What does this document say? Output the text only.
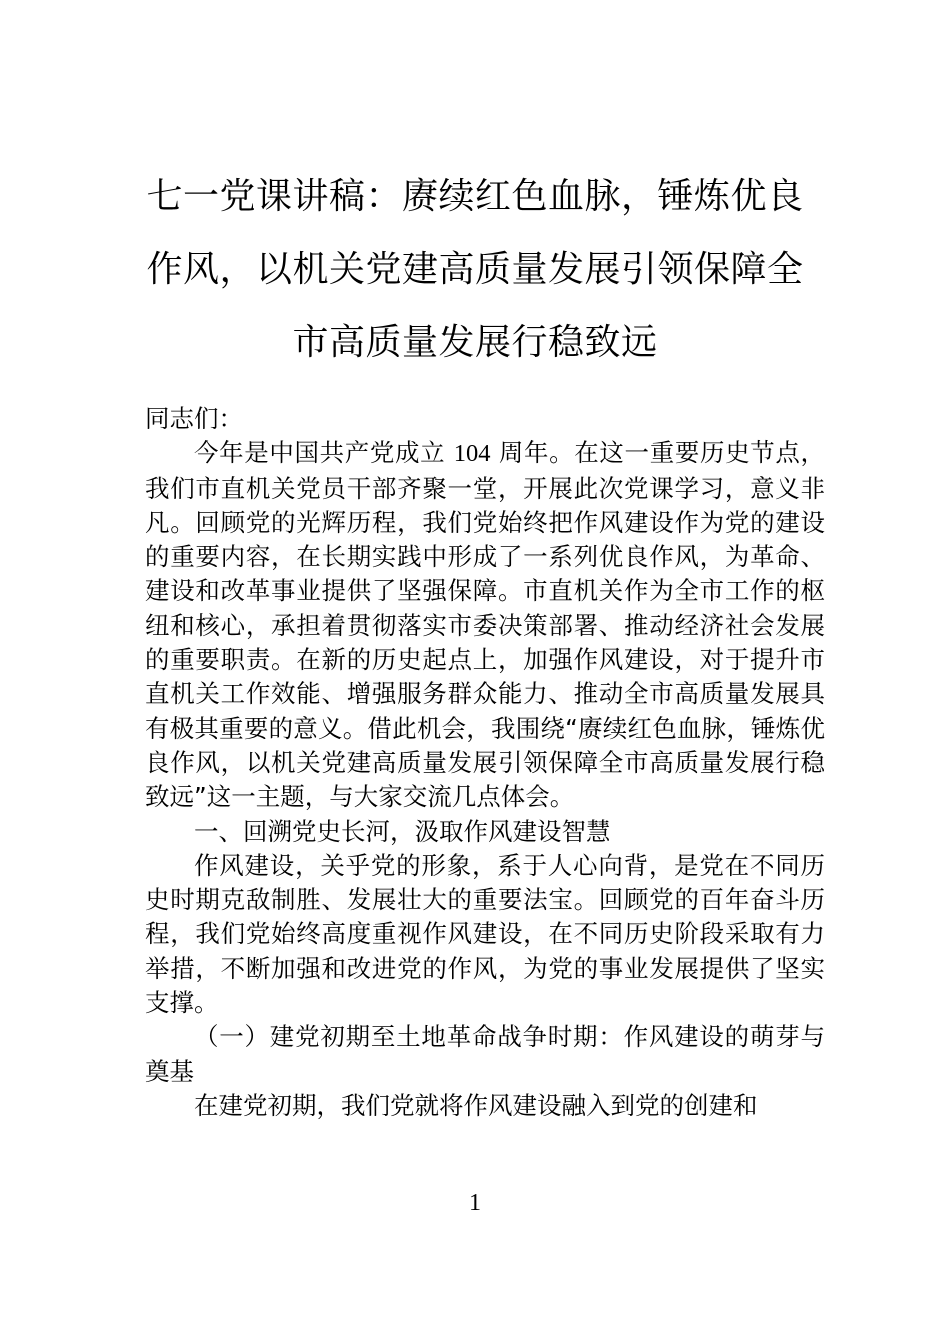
七一党课讲稿：赓续红色血脉，锤炼优良
作风，以机关党建高质量发展引领保障全
市高质量发展行稳致远

同志们：

今年是中国共产党成立 104 周年。在这一重要历史节点，我们市直机关党员干部齐聚一堂，开展此次党课学习，意义非凡。回顾党的光辉历程，我们党始终把作风建设作为党的建设的重要内容，在长期实践中形成了一系列优良作风，为革命、建设和改革事业提供了坚强保障。市直机关作为全市工作的枢纽和核心，承担着贯彻落实市委决策部署、推动经济社会发展的重要职责。在新的历史起点上，加强作风建设，对于提升市直机关工作效能、增强服务群众能力、推动全市高质量发展具有极其重要的意义。借此机会，我围绕“赓续红色血脉，锤炼优良作风，以机关党建高质量发展引领保障全市高质量发展行稳致远”这一主题，与大家交流几点体会。

一、回溯党史长河，汲取作风建设智慧

作风建设，关乎党的形象，系于人心向背，是党在不同历史时期克敌制胜、发展壮大的重要法宝。回顾党的百年奋斗历程，我们党始终高度重视作风建设，在不同历史阶段采取有力举措，不断加强和改进党的作风，为党的事业发展提供了坚实支撑。

（一）建党初期至土地革命战争时期：作风建设的萌芽与奠基

在建党初期，我们党就将作风建设融入到党的创建和

1
